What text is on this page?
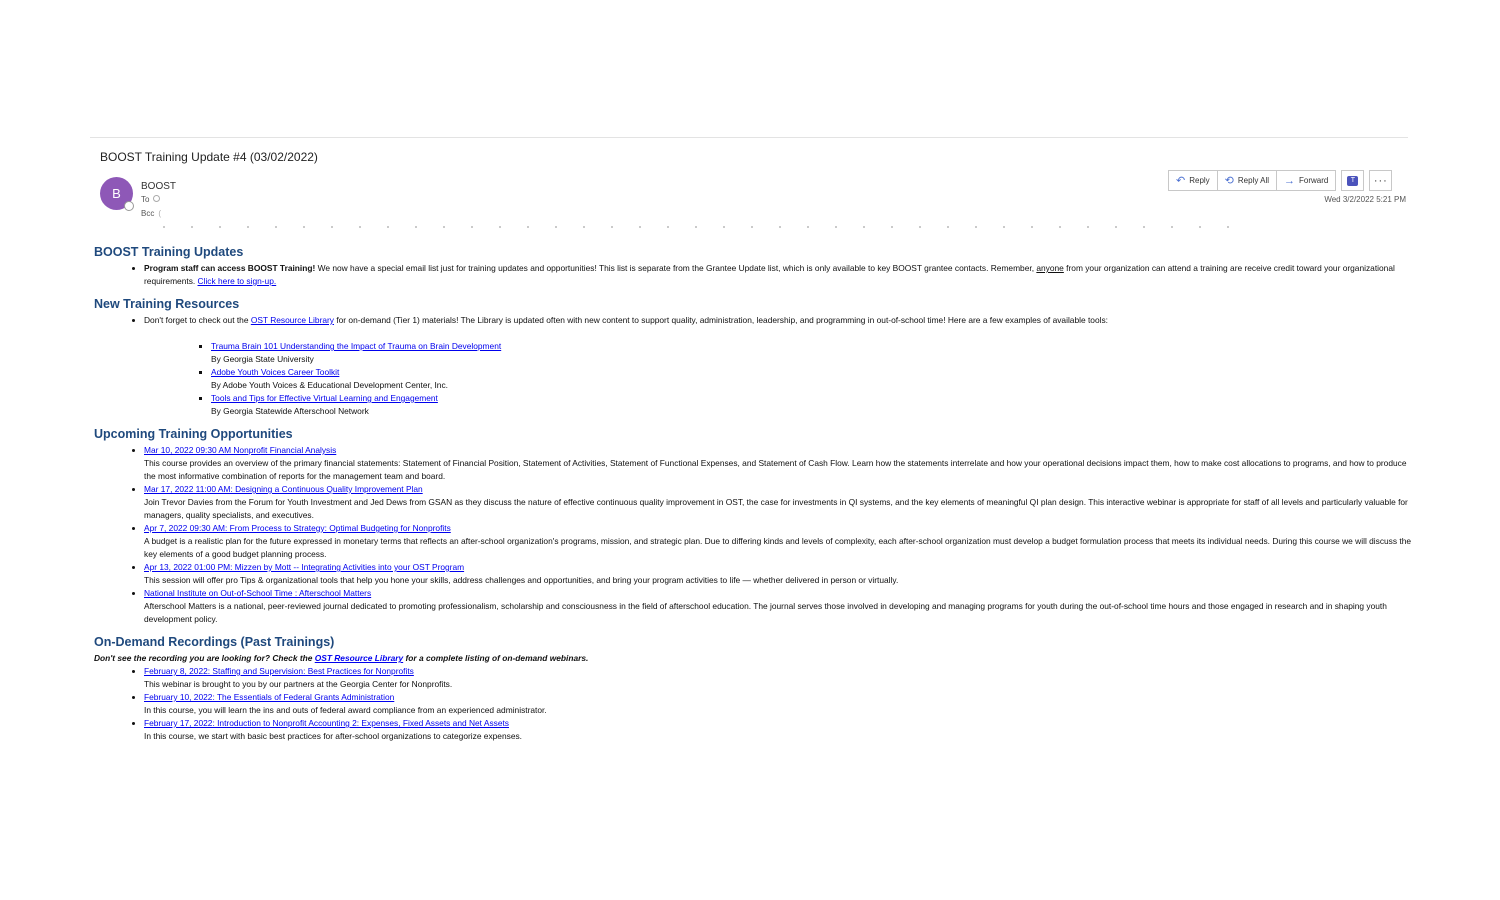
BOOST Training Update #4 (03/02/2022)
B BOOST
To
Bcc (
↶ Reply ⟲ Reply All → Forward	T	···
Wed 3/2/2022 5:21 PM
BOOST Training Updates
• Program staff can access BOOST Training! We now have a special email list just for training updates and opportunities! This list is separate from the Grantee Update list, which is only available to key BOOST grantee contacts. Remember, anyone from your organization can attend a training are receive credit toward your organizational requirements. Click here to sign-up.
New Training Resources
• Don't forget to check out the OST Resource Library for on-demand (Tier 1) materials! The Library is updated often with new content to support quality, administration, leadership, and programming in out-of-school time! Here are a few examples of available tools:
▪ Trauma Brain 101 Understanding the Impact of Trauma on Brain Development
By Georgia State University
▪ Adobe Youth Voices Career Toolkit
By Adobe Youth Voices & Educational Development Center, Inc.
▪ Tools and Tips for Effective Virtual Learning and Engagement
By Georgia Statewide Afterschool Network
Upcoming Training Opportunities
• Mar 10, 2022 09:30 AM Nonprofit Financial Analysis
This course provides an overview of the primary financial statements: Statement of Financial Position, Statement of Activities, Statement of Functional Expenses, and Statement of Cash Flow. Learn how the statements interrelate and how your operational decisions impact them, how to make cost allocations to programs, and how to produce the most informative combination of reports for the management team and board.
• Mar 17, 2022 11:00 AM: Designing a Continuous Quality Improvement Plan
Join Trevor Davies from the Forum for Youth Investment and Jed Dews from GSAN as they discuss the nature of effective continuous quality improvement in OST, the case for investments in QI systems, and the key elements of meaningful QI plan design. This interactive webinar is appropriate for staff of all levels and particularly valuable for managers, quality specialists, and executives.
• Apr 7, 2022 09:30 AM: From Process to Strategy: Optimal Budgeting for Nonprofits
A budget is a realistic plan for the future expressed in monetary terms that reflects an after-school organization's programs, mission, and strategic plan. Due to differing kinds and levels of complexity, each after-school organization must develop a budget formulation process that meets its individual needs. During this course we will discuss the key elements of a good budget planning process.
• Apr 13, 2022 01:00 PM: Mizzen by Mott -- Integrating Activities into your OST Program
This session will offer pro Tips & organizational tools that help you hone your skills, address challenges and opportunities, and bring your program activities to life — whether delivered in person or virtually.
• National Institute on Out-of-School Time : Afterschool Matters
Afterschool Matters is a national, peer-reviewed journal dedicated to promoting professionalism, scholarship and consciousness in the field of afterschool education. The journal serves those involved in developing and managing programs for youth during the out-of-school time hours and those engaged in research and in shaping youth development policy.
On-Demand Recordings (Past Trainings)
Don't see the recording you are looking for? Check the OST Resource Library for a complete listing of on-demand webinars.
• February 8, 2022: Staffing and Supervision: Best Practices for Nonprofits
This webinar is brought to you by our partners at the Georgia Center for Nonprofits.
• February 10, 2022: The Essentials of Federal Grants Administration
In this course, you will learn the ins and outs of federal award compliance from an experienced administrator.
• February 17, 2022: Introduction to Nonprofit Accounting 2: Expenses, Fixed Assets and Net Assets
In this course, we start with basic best practices for after-school organizations to categorize expenses.
